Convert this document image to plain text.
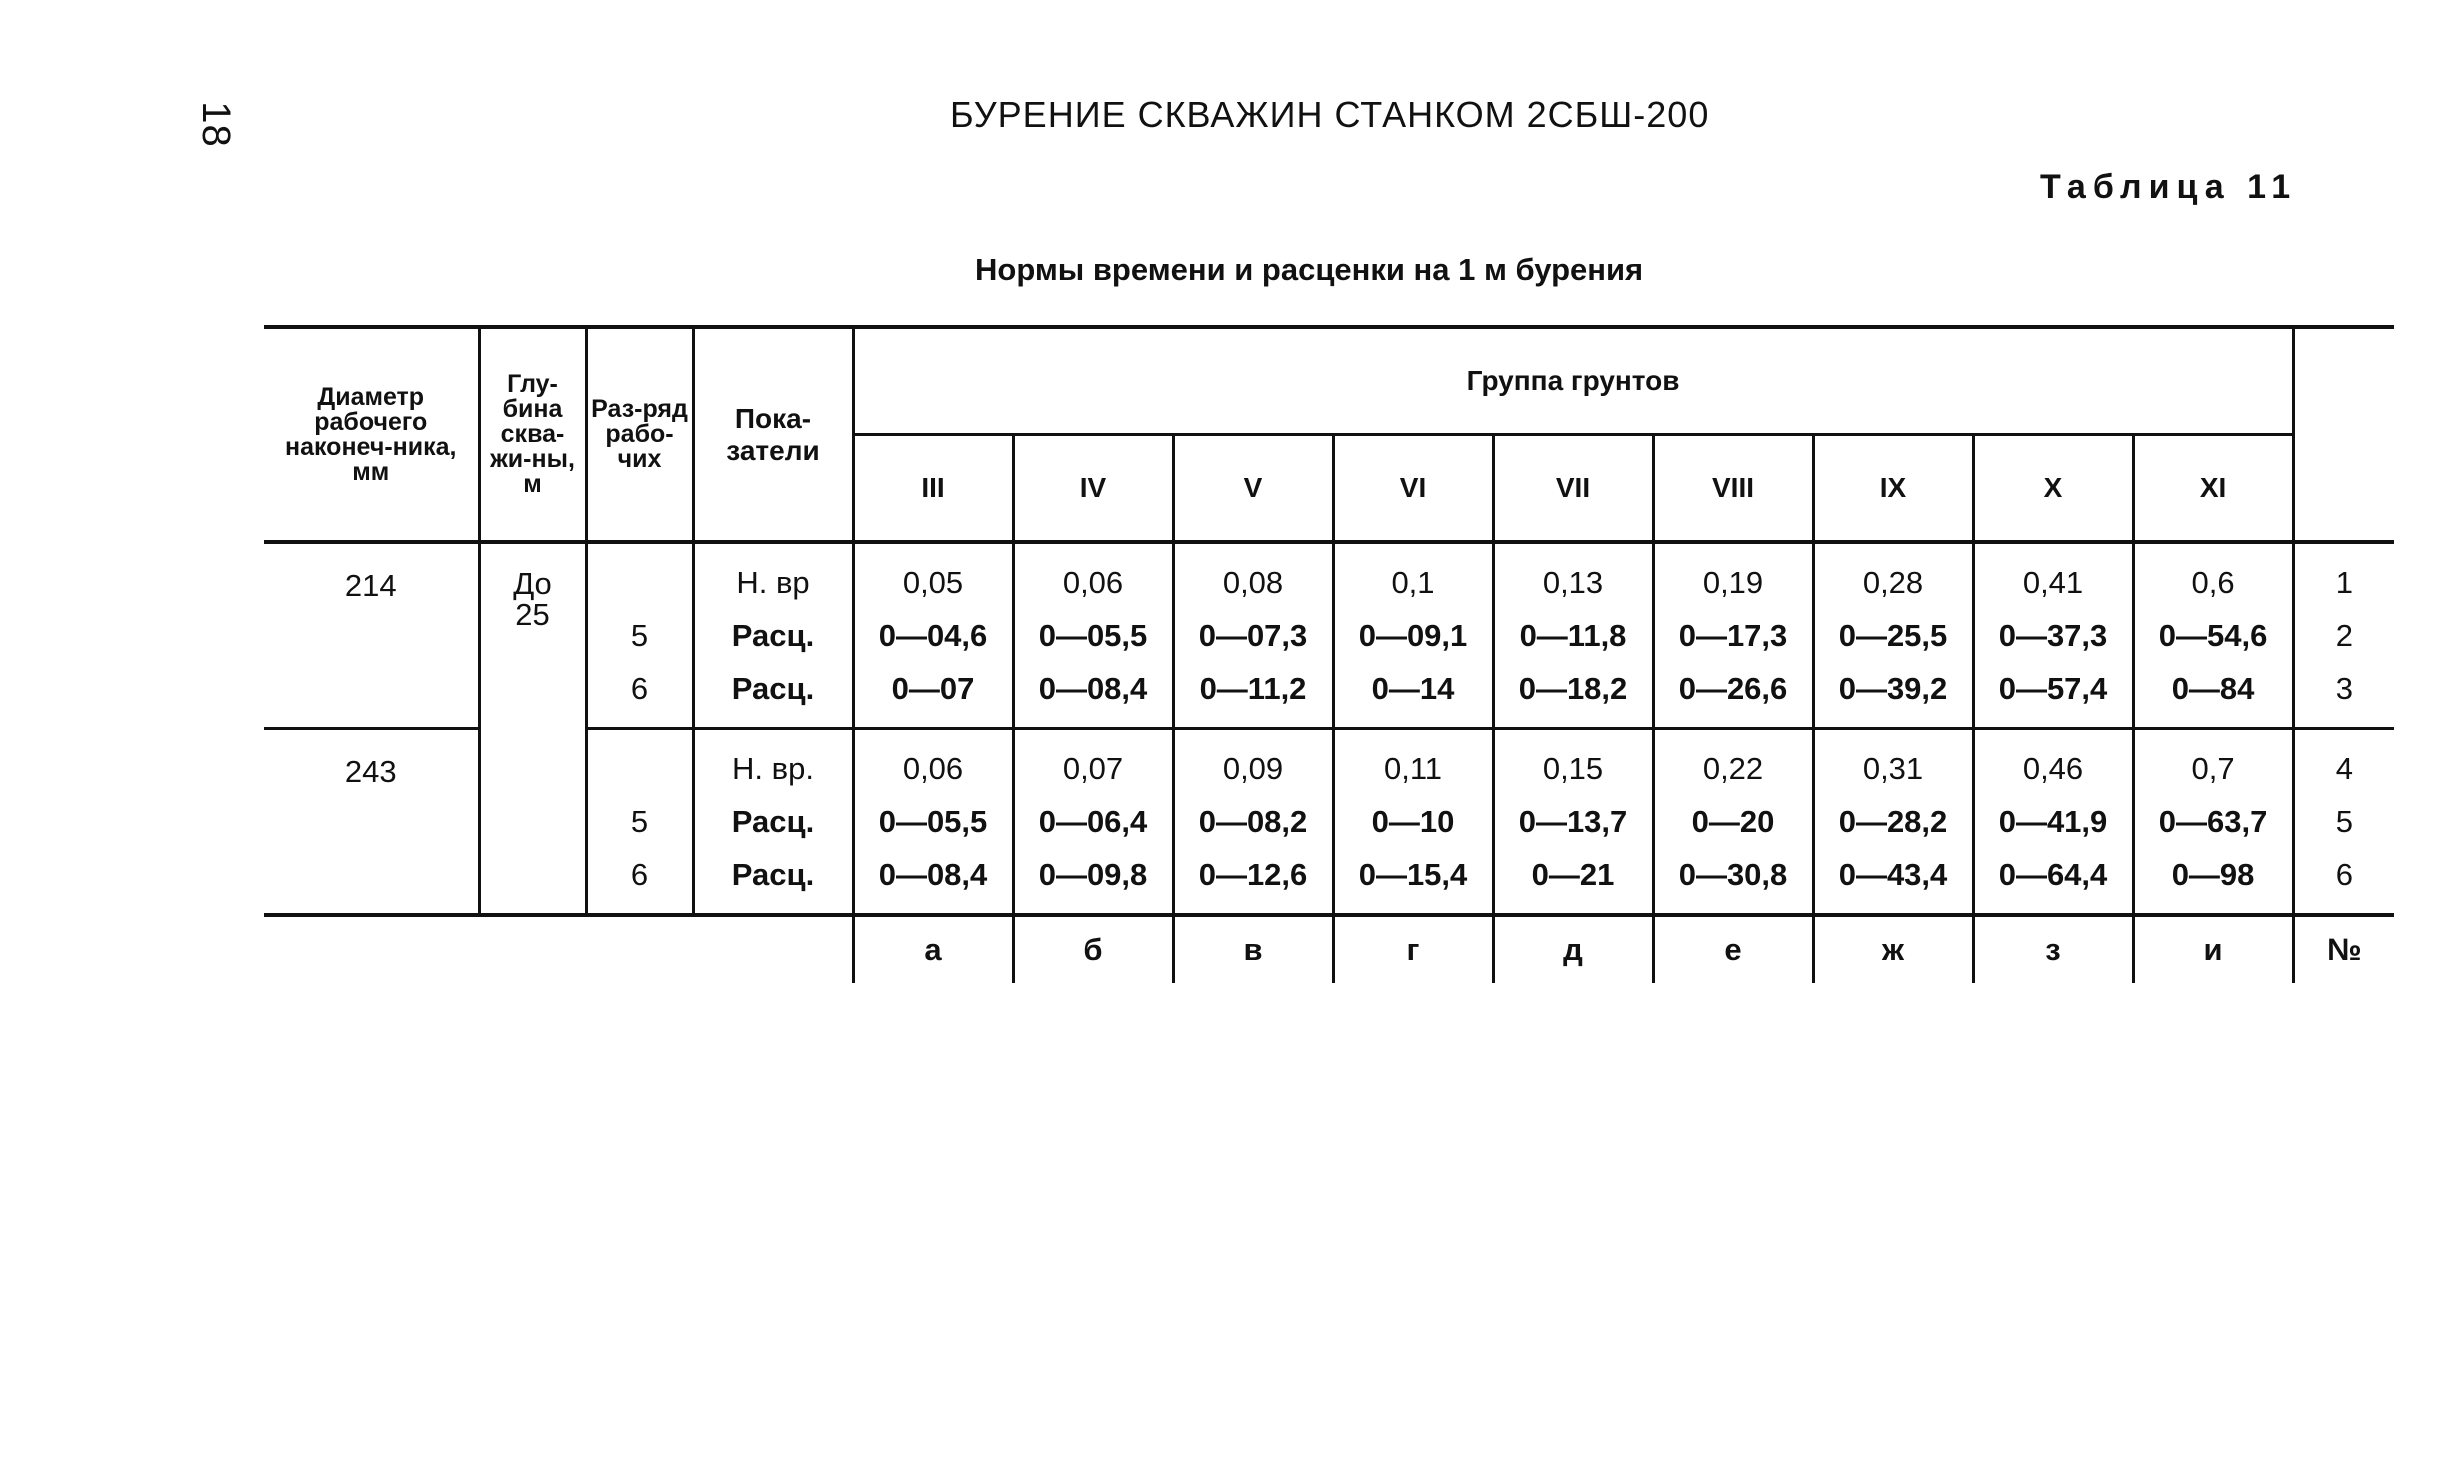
18	БУРЕНИЕ СКВАЖИН СТАНКОМ 2СБШ-200
Таблица 11
Нормы времени и расценки на 1 м бурения
Диаметр рабочего наконеч-ника, мм	Глу-бина сква-жи-ны, м	Раз-ряд рабо-чих	Пока-затели	Группа грунтов									
				III	IV	V	VI	VII	VIII	IX	X	XI	
214	До 25		Н. вр	0,05	0,06	0,08	0,1	0,13	0,19	0,28	0,41	0,6	1
		5	Расц.	0—04,6	0—05,5	0—07,3	0—09,1	0—11,8	0—17,3	0—25,5	0—37,3	0—54,6	2
		6	Расц.	0—07	0—08,4	0—11,2	0—14	0—18,2	0—26,6	0—39,2	0—57,4	0—84	3
243			Н. вр.	0,06	0,07	0,09	0,11	0,15	0,22	0,31	0,46	0,7	4
		5	Расц.	0—05,5	0—06,4	0—08,2	0—10	0—13,7	0—20	0—28,2	0—41,9	0—63,7	5
		6	Расц.	0—08,4	0—09,8	0—12,6	0—15,4	0—21	0—30,8	0—43,4	0—64,4	0—98	6
				а	б	в	г	д	е	ж	з	и	№
